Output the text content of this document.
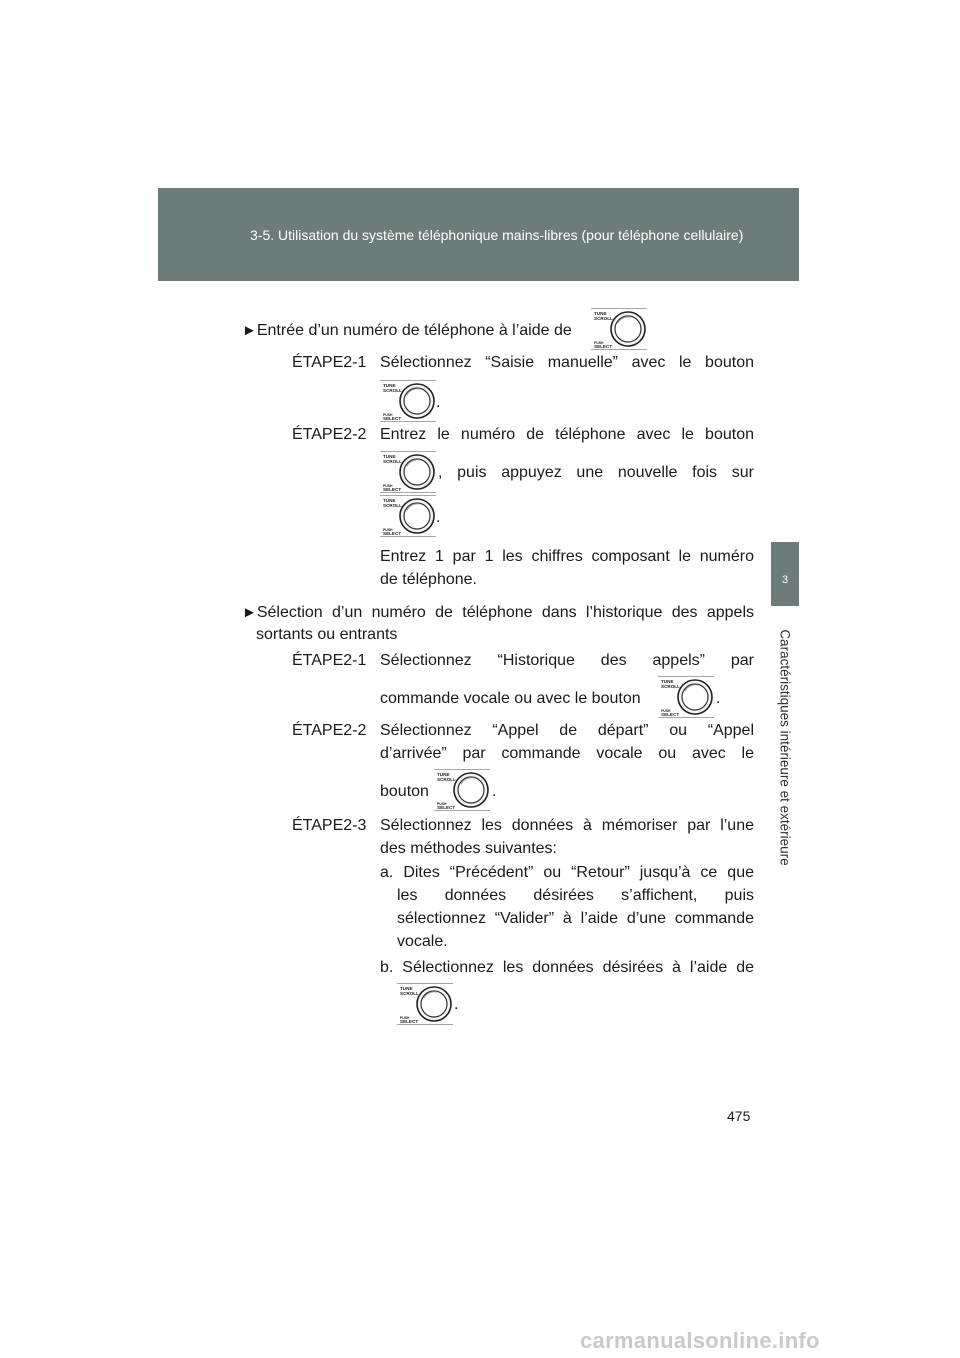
3-5. Utilisation du système téléphonique mains-libres (pour téléphone cellulaire)
3
Caractéristiques intérieure et extérieure
►Entrée d’un numéro de téléphone à l’aide de
TUNE
SCROLL
PUSH
SELECT
ÉTAPE2-1 Sélectionnez “Saisie manuelle” avec le bouton
TUNE
SCROLL
PUSH
SELECT
.
ÉTAPE2-2 Entrez le numéro de téléphone avec le bouton
TUNE
SCROLL
PUSH
SELECT
, puis appuyez une nouvelle fois sur
TUNE
SCROLL
PUSH
SELECT
.
Entrez 1 par 1 les chiffres composant le numéro
de téléphone.
►Sélection d’un numéro de téléphone dans l’historique des appels
sortants ou entrants
ÉTAPE2-1 Sélectionnez “Historique des appels” par
commande vocale ou avec le bouton
TUNE
SCROLL
PUSH
SELECT
.
ÉTAPE2-2 Sélectionnez “Appel de départ” ou “Appel
d’arrivée” par commande vocale ou avec le
bouton
TUNE
SCROLL
PUSH
SELECT
.
ÉTAPE2-3 Sélectionnez les données à mémoriser par l’une
des méthodes suivantes:
a. Dites “Précédent” ou “Retour” jusqu’à ce que
les données désirées s’affichent, puis
sélectionnez “Valider” à l’aide d’une commande
vocale.
b. Sélectionnez les données désirées à l’aide de
TUNE
SCROLL
PUSH
SELECT
.
475
carmanualsonline.info
